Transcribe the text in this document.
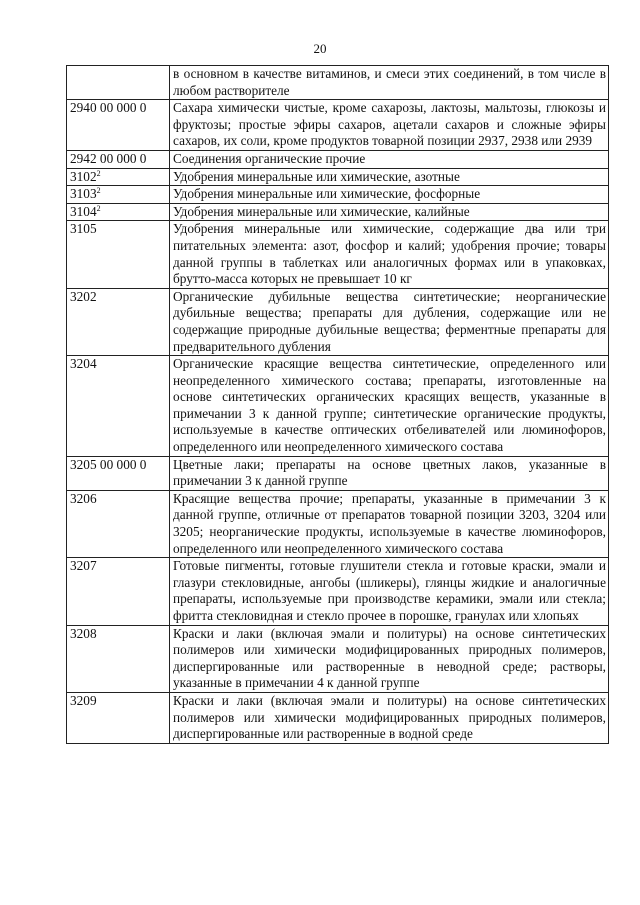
20
	в основном в качестве витаминов, и смеси этих соединений, в том числе в любом растворителе
2940 00 000 0	Сахара химически чистые, кроме сахарозы, лактозы, мальтозы, глюкозы и фруктозы; простые эфиры сахаров, ацетали сахаров и сложные эфиры сахаров, их соли, кроме продуктов товарной позиции 2937, 2938 или 2939
2942 00 000 0	Соединения органические прочие
3102$^2$	Удобрения минеральные или химические, азотные
3103$^2$	Удобрения минеральные или химические, фосфорные
3104$^2$	Удобрения минеральные или химические, калийные
3105	Удобрения минеральные или химические, содержащие два или три питательных элемента: азот, фосфор и калий; удобрения прочие; товары данной группы в таблетках или аналогичных формах или в упаковках, брутто-масса которых не превышает 10 кг
3202	Органические дубильные вещества синтетические; неорганические дубильные вещества; препараты для дубления, содержащие или не содержащие природные дубильные вещества; ферментные препараты для предварительного дубления
3204	Органические красящие вещества синтетические, определенного или неопределенного химического состава; препараты, изготовленные на основе синтетических органических красящих веществ, указанные в примечании 3 к данной группе; синтетические органические продукты, используемые в качестве оптических отбеливателей или люминофоров, определенного или неопределенного химического состава
3205 00 000 0	Цветные лаки; препараты на основе цветных лаков, указанные в примечании 3 к данной группе
3206	Красящие вещества прочие; препараты, указанные в примечании 3 к данной группе, отличные от препаратов товарной позиции 3203, 3204 или 3205; неорганические продукты, используемые в качестве люминофоров, определенного или неопределенного химического состава
3207	Готовые пигменты, готовые глушители стекла и готовые краски, эмали и глазури стекловидные, ангобы (шликеры), глянцы жидкие и аналогичные препараты, используемые при производстве керамики, эмали или стекла; фритта стекловидная и стекло прочее в порошке, гранулах или хлопьях
3208	Краски и лаки (включая эмали и политуры) на основе синтетических полимеров или химически модифицированных природных полимеров, диспергированные или растворенные в неводной среде; растворы, указанные в примечании 4 к данной группе
3209	Краски и лаки (включая эмали и политуры) на основе синтетических полимеров или химически модифицированных природных полимеров, диспергированные или растворенные в водной среде
